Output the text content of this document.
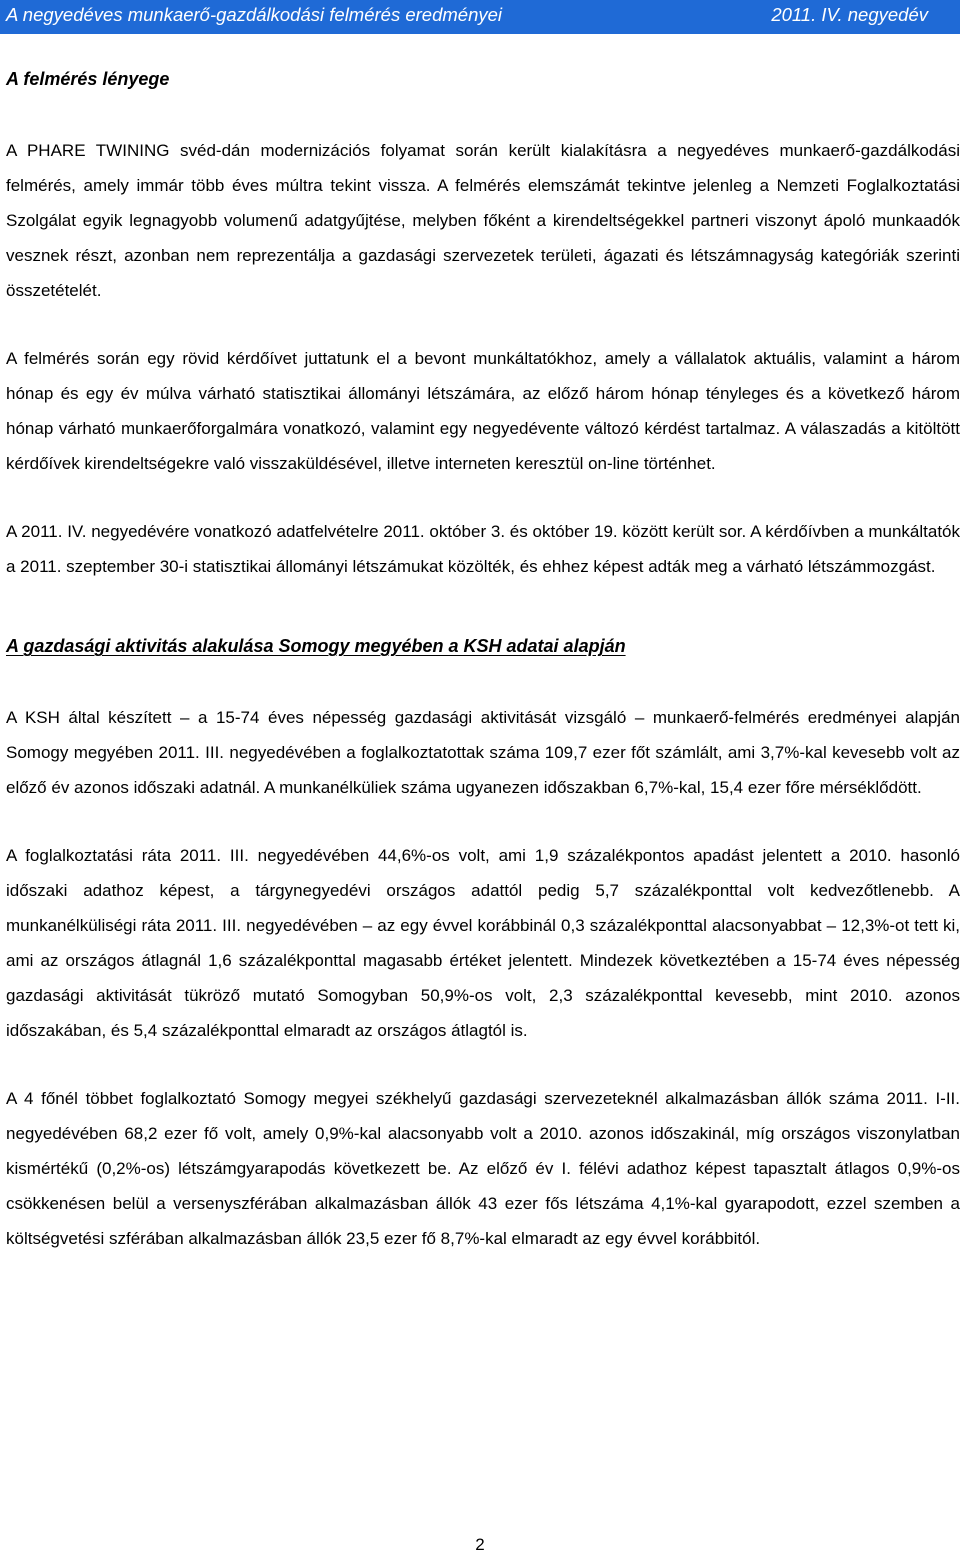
A negyedéves munkaerő-gazdálkodási felmérés eredményei	2011. IV. negyedév
A felmérés lényege

A PHARE TWINING svéd-dán modernizációs folyamat során került kialakításra a negyedéves munkaerő-gazdálkodási felmérés, amely immár több éves múltra tekint vissza. A felmérés elemszámát tekintve jelenleg a Nemzeti Foglalkoztatási Szolgálat egyik legnagyobb volumenű adatgyűjtése, melyben főként a kirendeltségekkel partneri viszonyt ápoló munkaadók vesznek részt, azonban nem reprezentálja a gazdasági szervezetek területi, ágazati és létszámnagyság kategóriák szerinti összetételét.

A felmérés során egy rövid kérdőívet juttatunk el a bevont munkáltatókhoz, amely a vállalatok aktuális, valamint a három hónap és egy év múlva várható statisztikai állományi létszámára, az előző három hónap tényleges és a következő három hónap várható munkaerőforgalmára vonatkozó, valamint egy negyedévente változó kérdést tartalmaz. A válaszadás a kitöltött kérdőívek kirendeltségekre való visszaküldésével, illetve interneten keresztül on-line történhet.

A 2011. IV. negyedévére vonatkozó adatfelvételre 2011. október 3. és október 19. között került sor. A kérdőívben a munkáltatók a 2011. szeptember 30-i statisztikai állományi létszámukat közölték, és ehhez képest adták meg a várható létszámmozgást.

A gazdasági aktivitás alakulása Somogy megyében a KSH adatai alapján

A KSH által készített – a 15-74 éves népesség gazdasági aktivitását vizsgáló – munkaerő-felmérés eredményei alapján Somogy megyében 2011. III. negyedévében a foglalkoztatottak száma 109,7 ezer főt számlált, ami 3,7%-kal kevesebb volt az előző év azonos időszaki adatnál. A munkanélküliek száma ugyanezen időszakban 6,7%-kal, 15,4 ezer főre mérséklődött.

A foglalkoztatási ráta 2011. III. negyedévében 44,6%-os volt, ami 1,9 százalékpontos apadást jelentett a 2010. hasonló időszaki adathoz képest, a tárgynegyedévi országos adattól pedig 5,7 százalékponttal volt kedvezőtlenebb. A munkanélküliségi ráta 2011. III. negyedévében – az egy évvel korábbinál 0,3 százalékponttal alacsonyabbat – 12,3%-ot tett ki, ami az országos átlagnál 1,6 százalékponttal magasabb értéket jelentett. Mindezek következtében a 15-74 éves népesség gazdasági aktivitását tükröző mutató Somogyban 50,9%-os volt, 2,3 százalékponttal kevesebb, mint 2010. azonos időszakában, és 5,4 százalékponttal elmaradt az országos átlagtól is.

A 4 főnél többet foglalkoztató Somogy megyei székhelyű gazdasági szervezeteknél alkalmazásban állók száma 2011. I-II. negyedévében 68,2 ezer fő volt, amely 0,9%-kal alacsonyabb volt a 2010. azonos időszakinál, míg országos viszonylatban kismértékű (0,2%-os) létszámgyarapodás következett be. Az előző év I. félévi adathoz képest tapasztalt átlagos 0,9%-os csökkenésen belül a versenyszférában alkalmazásban állók 43 ezer fős létszáma 4,1%-kal gyarapodott, ezzel szemben a költségvetési szférában alkalmazásban állók 23,5 ezer fő 8,7%-kal elmaradt az egy évvel korábbitól.

2
